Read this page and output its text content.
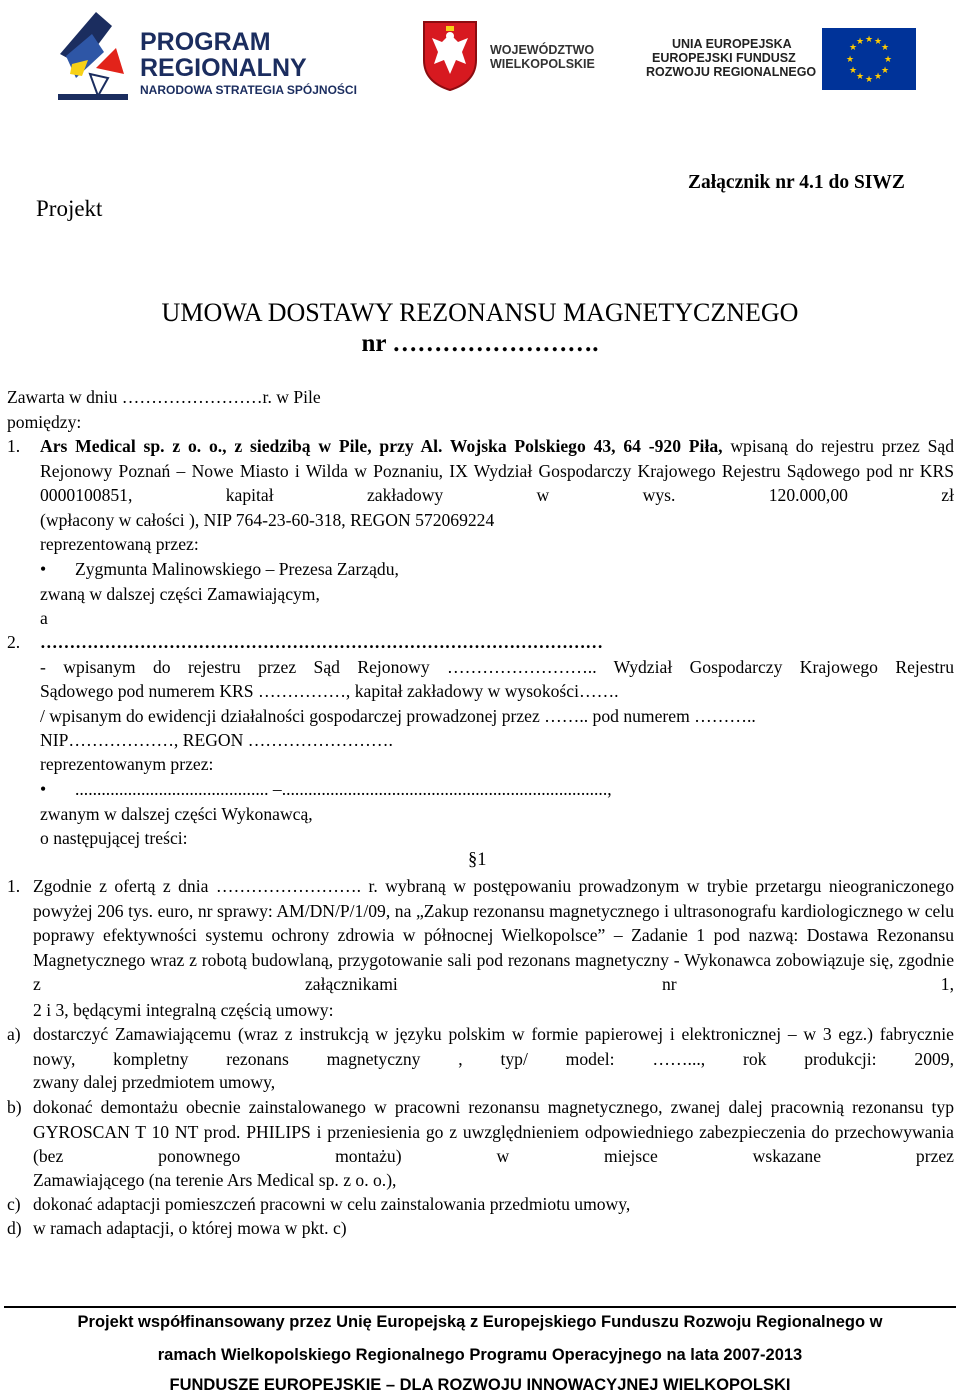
PROGRAM
REGIONALNY
NARODOWA STRATEGIA SPÓJNOŚCI
WOJEWÓDZTWO
WIELKOPOLSKIE
UNIA EUROPEJSKA
EUROPEJSKI FUNDUSZ
ROZWOJU REGIONALNEGO
★ ★
★
★
★
★
★
★
★
★
★
★
Projekt
Załącznik nr 4.1 do SIWZ
UMOWA DOSTAWY REZONANSU MAGNETYCZNEGO
nr …………………….
Zawarta w dniu ……………………r. w Pile
pomiędzy:
1. Ars Medical sp. z o. o., z siedzibą w Pile, przy Al. Wojska Polskiego 43, 64 -920 Piła, wpisaną do rejestru przez Sąd Rejonowy Poznań – Nowe Miasto i Wilda w Poznaniu, IX Wydział Gospodarczy Krajowego Rejestru Sądowego pod nr KRS 0000100851, kapitał zakładowy w wys. 120.000,00 zł
(wpłacony w całości ), NIP 764-23-60-318, REGON 572069224
reprezentowaną przez:
• Zygmunta Malinowskiego – Prezesa Zarządu,
zwaną w dalszej części Zamawiającym,
a
2. ……………………………………………………………………………………
- wpisanym do rejestru przez Sąd Rejonowy …………………….. Wydział Gospodarczy Krajowego Rejestru
Sądowego pod numerem KRS ……………, kapitał zakładowy w wysokości…….
/ wpisanym do ewidencji działalności gospodarczej prowadzonej przez …….. pod numerem ………..
NIP………………, REGON …………………….
reprezentowanym przez:
• ............................................ –..........................................................................,
zwanym w dalszej części Wykonawcą,
o następującej treści:
§1
1. Zgodnie z ofertą z dnia ……………………. r. wybraną w postępowaniu prowadzonym w trybie przetargu nieograniczonego powyżej 206 tys. euro, nr sprawy: AM/DN/P/1/09, na „Zakup rezonansu magnetycznego i ultrasonografu kardiologicznego w celu poprawy efektywności systemu ochrony zdrowia w północnej Wielkopolsce” – Zadanie 1 pod nazwą: Dostawa Rezonansu Magnetycznego wraz z robotą budowlaną, przygotowanie sali pod rezonans magnetyczny - Wykonawca zobowiązuje się, zgodnie z załącznikami nr 1,
2 i 3, będącymi integralną częścią umowy:
a) dostarczyć Zamawiającemu (wraz z instrukcją w języku polskim w formie papierowej i elektronicznej – w 3 egz.) fabrycznie nowy, kompletny rezonans magnetyczny , typ/ model: ……..., rok produkcji: 2009,
zwany dalej przedmiotem umowy,
b) dokonać demontażu obecnie zainstalowanego w pracowni rezonansu magnetycznego, zwanej dalej pracownią rezonansu typ GYROSCAN T 10 NT prod. PHILIPS i przeniesienia go z uwzględnieniem odpowiedniego zabezpieczenia do przechowywania (bez ponownego montażu) w miejsce wskazane przez
Zamawiającego (na terenie Ars Medical sp. z o. o.),
c) dokonać adaptacji pomieszczeń pracowni w celu zainstalowania przedmiotu umowy,
d) w ramach adaptacji, o której mowa w pkt. c)
Projekt współfinansowany przez Unię Europejską z Europejskiego Funduszu Rozwoju Regionalnego w
ramach Wielkopolskiego Regionalnego Programu Operacyjnego na lata 2007-2013
FUNDUSZE EUROPEJSKIE – DLA ROZWOJU INNOWACYJNEJ WIELKOPOLSKI
